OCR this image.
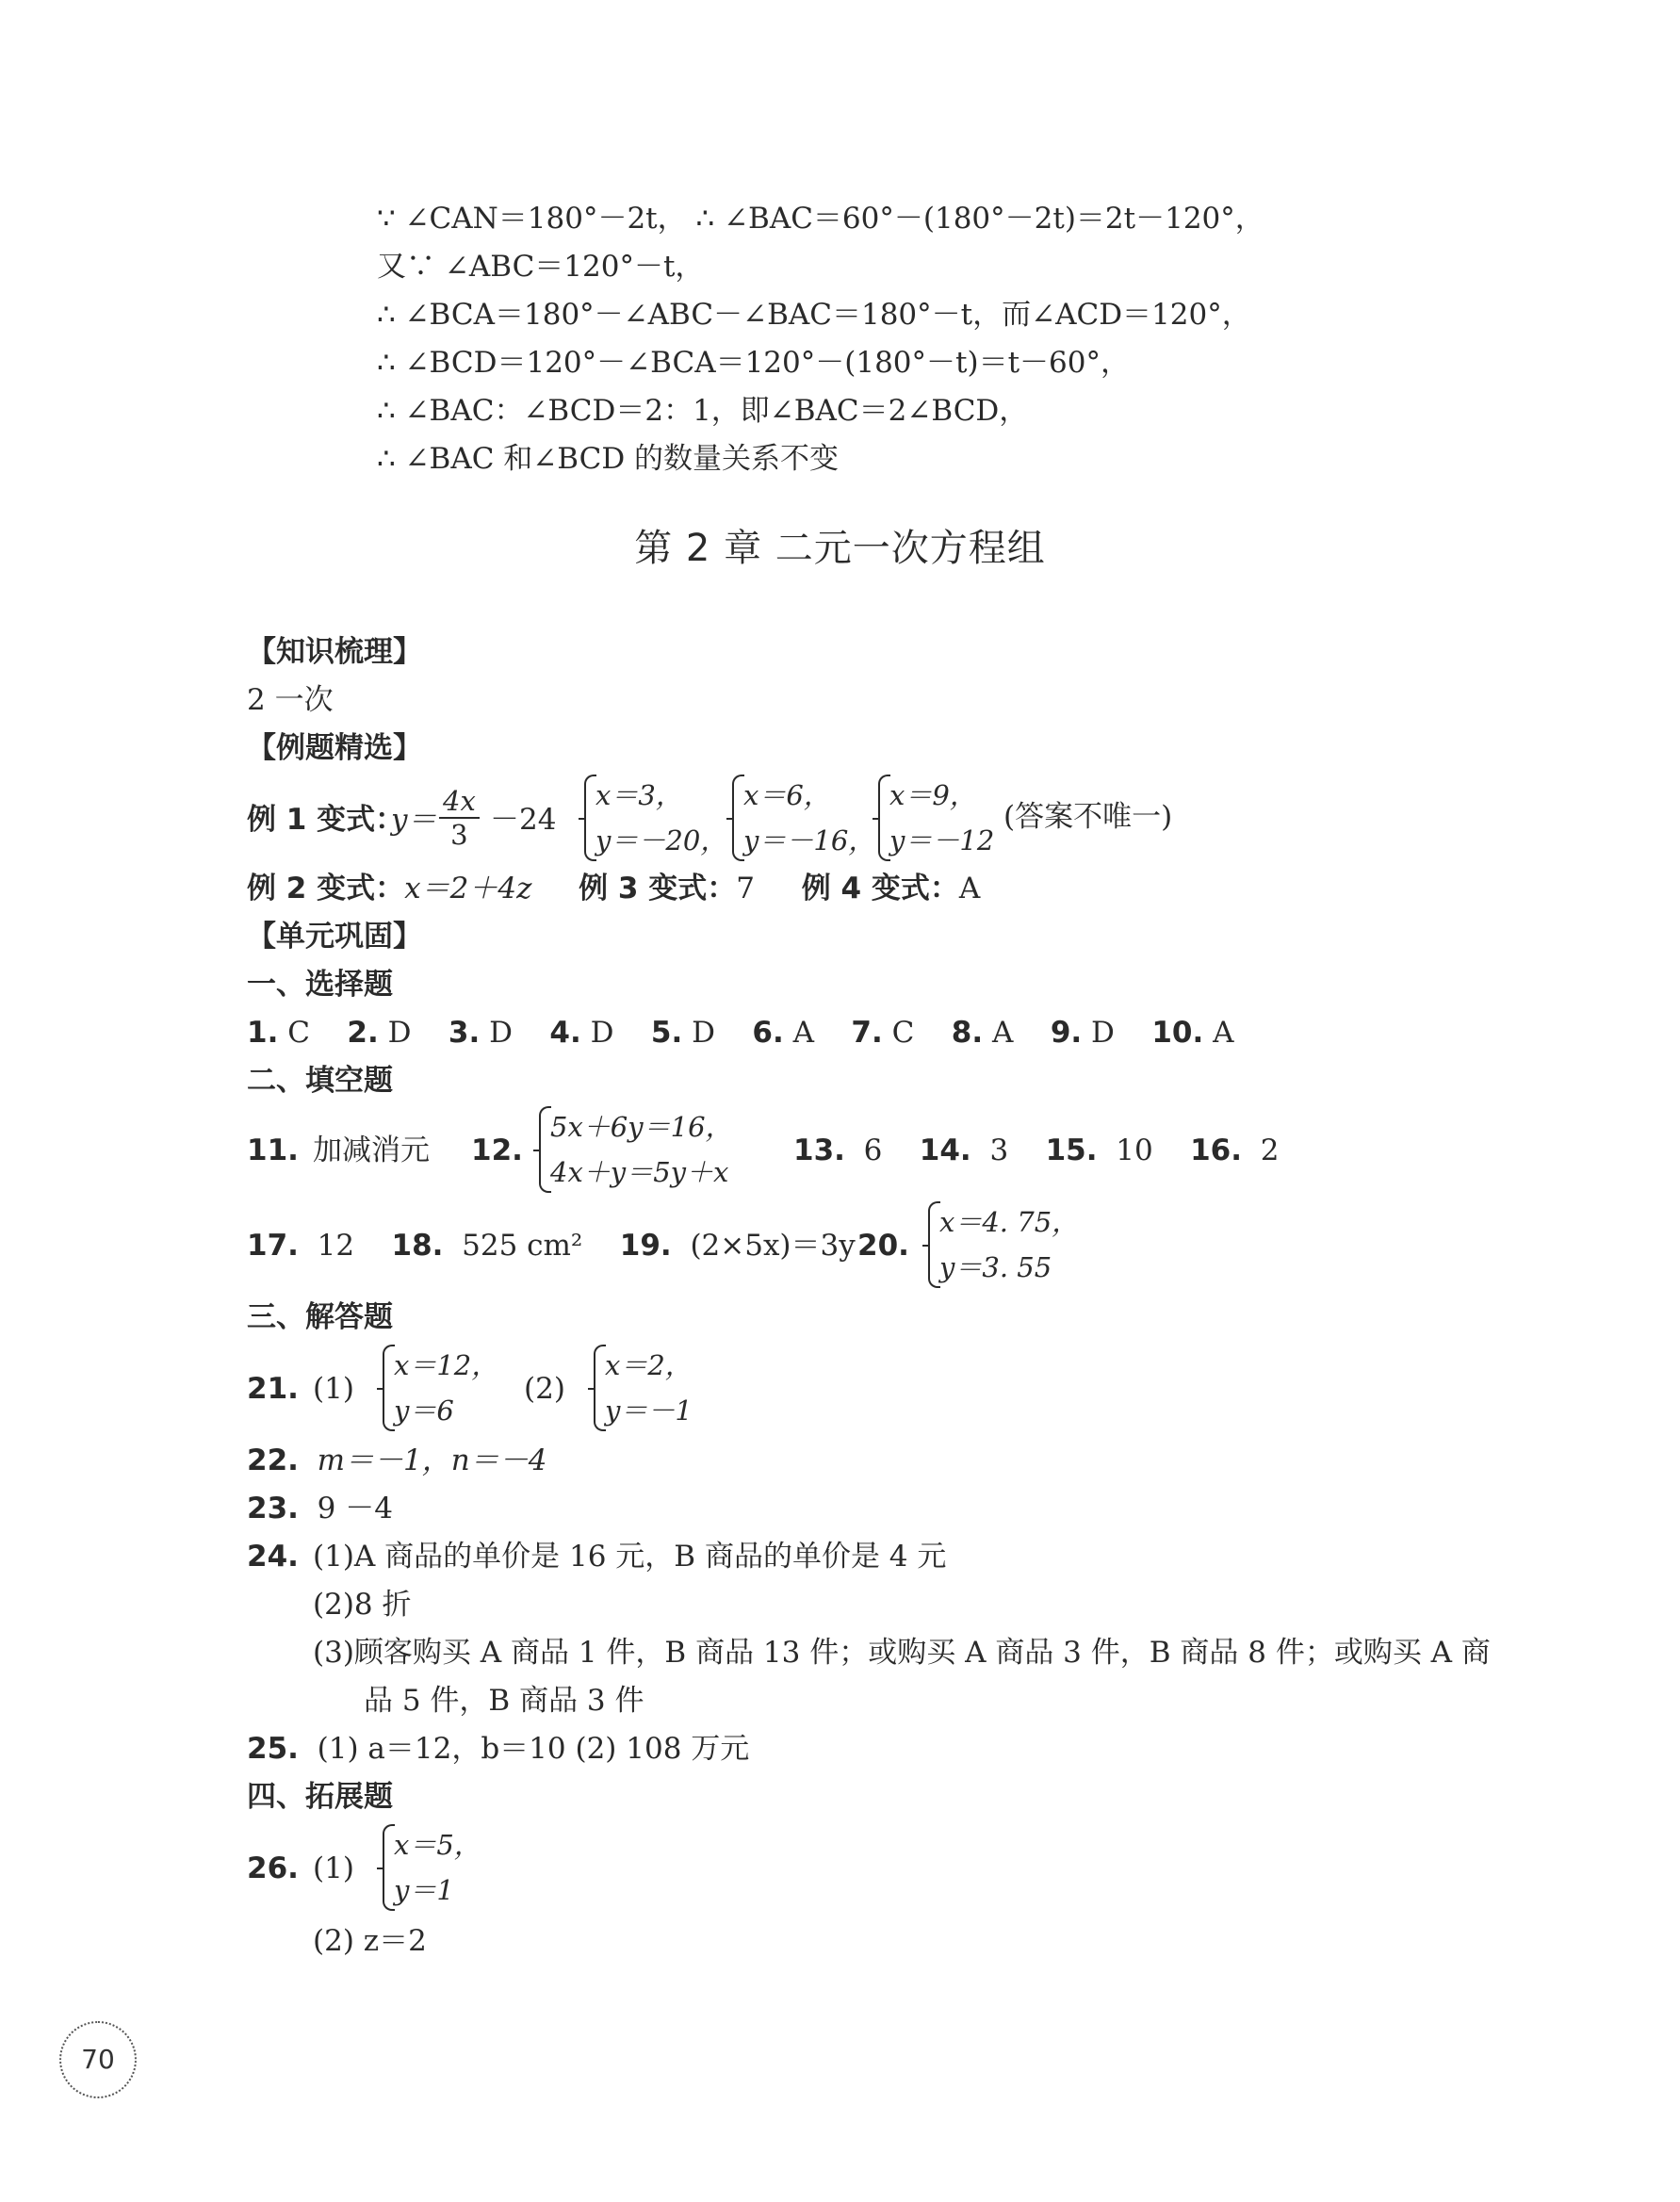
∵ ∠CAN＝180°－2t， ∴ ∠BAC＝60°－(180°－2t)＝2t－120°，
又∵ ∠ABC＝120°－t，
∴ ∠BCA＝180°－∠ABC－∠BAC＝180°－t，而∠ACD＝120°，
∴ ∠BCD＝120°－∠BCA＝120°－(180°－t)＝t－60°，
∴ ∠BAC：∠BCD＝2：1，即∠BAC＝2∠BCD，
∴ ∠BAC 和∠BCD 的数量关系不变
第 2 章 二元一次方程组
【知识梳理】
2 一次
【例题精选】
例 1 变式：
$y= \frac{4x}{3} -24$
x＝3，
y＝－20，
x＝6，
y＝－16，
x＝9，
y＝－12
(答案不唯一)
例 2 变式：x＝2＋4z 例 3 变式：7 例 4 变式：A
【单元巩固】
一、选择题
1. C 2. D 3. D 4. D 5. D 6. A 7. C 8. A 9. D 10. A
二、填空题
11. 加减消元 12.
5x＋6y＝16，
4x＋y＝5y＋x
13. 6 14. 3 15. 10 16. 2
17. 12 18. 525 cm² 19. (2×5x)＝3y 20.
x＝4. 75，
y＝3. 55
三、解答题
21. (1)
x＝12，
y＝6
(2)
x＝2，
y＝－1
22. m＝－1，n＝－4
23. 9 －4
24. (1)A 商品的单价是 16 元，B 商品的单价是 4 元
(2)8 折
(3)顾客购买 A 商品 1 件，B 商品 13 件；或购买 A 商品 3 件，B 商品 8 件；或购买 A 商
品 5 件，B 商品 3 件
25. (1) a＝12，b＝10 (2) 108 万元
四、拓展题
26. (1)
x＝5，
y＝1
(2) z＝2
70
